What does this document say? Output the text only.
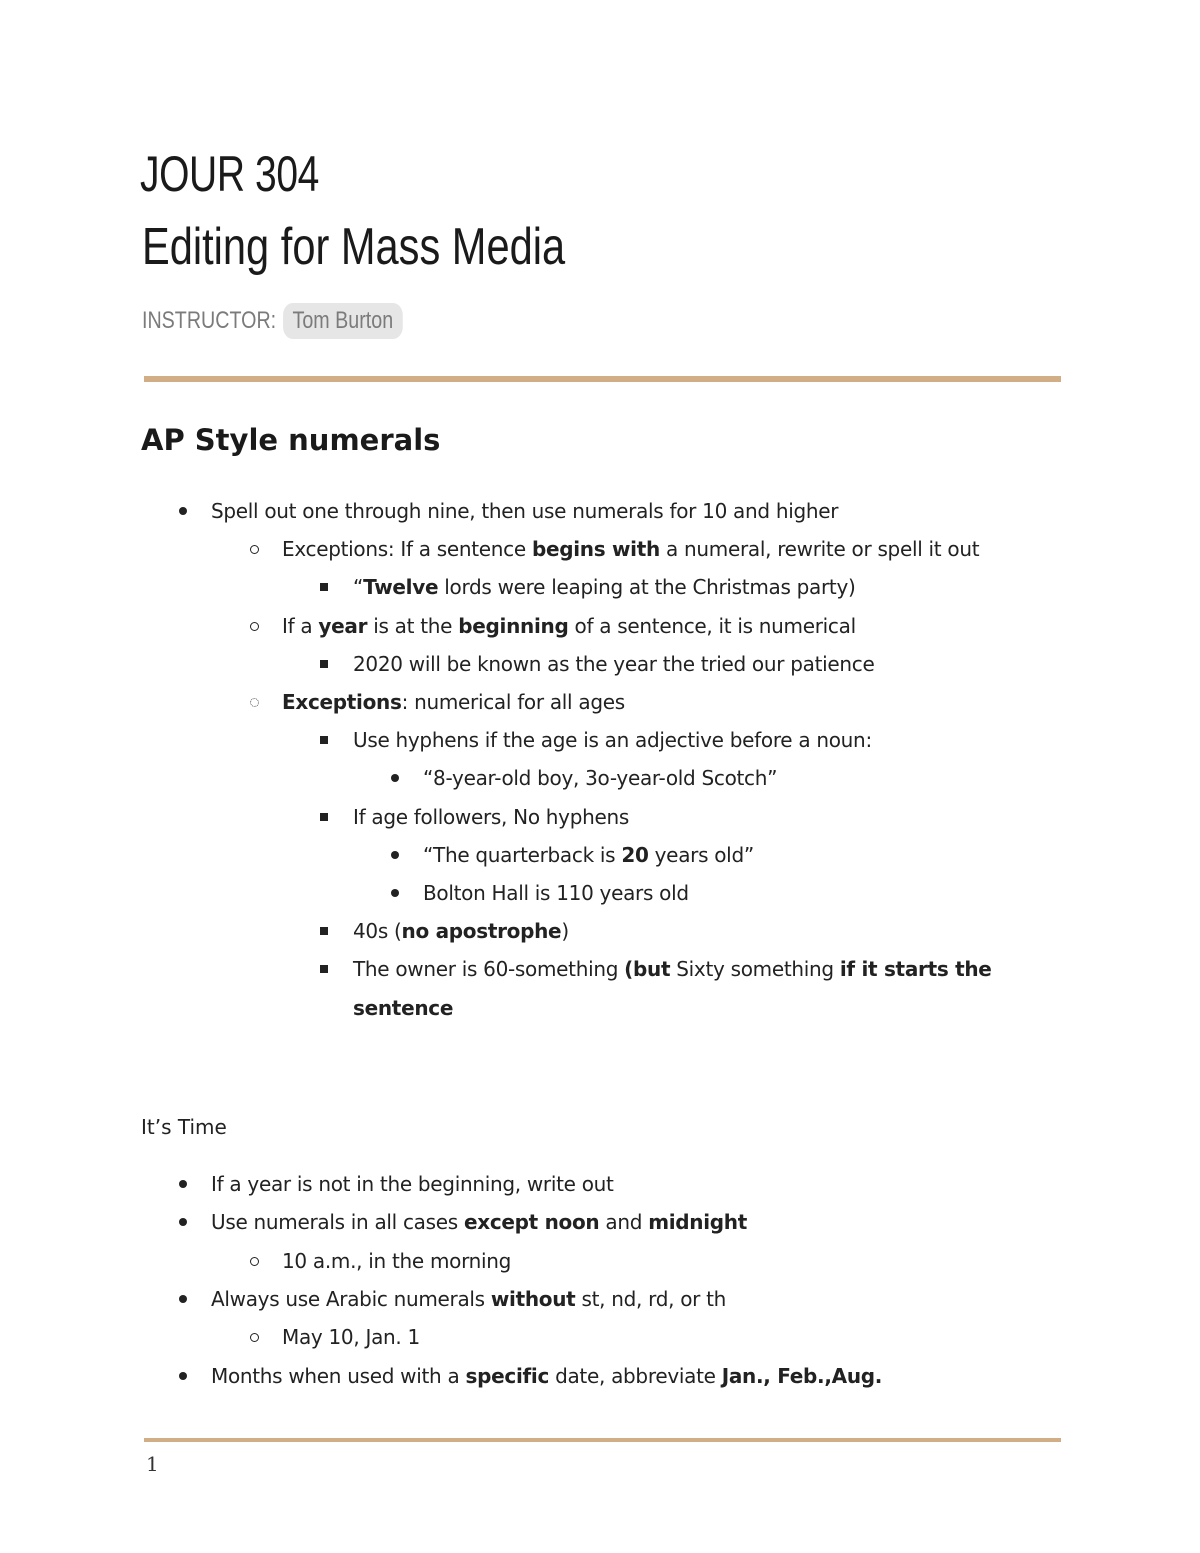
JOUR 304
Editing for Mass Media
INSTRUCTOR: Tom Burton
AP Style numerals
Spell out one through nine, then use numerals for 10 and higher
Exceptions: If a sentence begins with a numeral, rewrite or spell it out
“Twelve lords were leaping at the Christmas party)
If a year is at the beginning of a sentence, it is numerical
2020 will be known as the year the tried our patience
Exceptions: numerical for all ages
Use hyphens if the age is an adjective before a noun:
“8-year-old boy, 3o-year-old Scotch”
If age followers, No hyphens
“The quarterback is 20 years old”
Bolton Hall is 110 years old
40s (no apostrophe)
The owner is 60-something (but Sixty something if it starts the
sentence
It’s Time
If a year is not in the beginning, write out
Use numerals in all cases except noon and midnight
10 a.m., in the morning
Always use Arabic numerals without st, nd, rd, or th
May 10, Jan. 1
Months when used with a specific date, abbreviate Jan., Feb.,Aug.
1
